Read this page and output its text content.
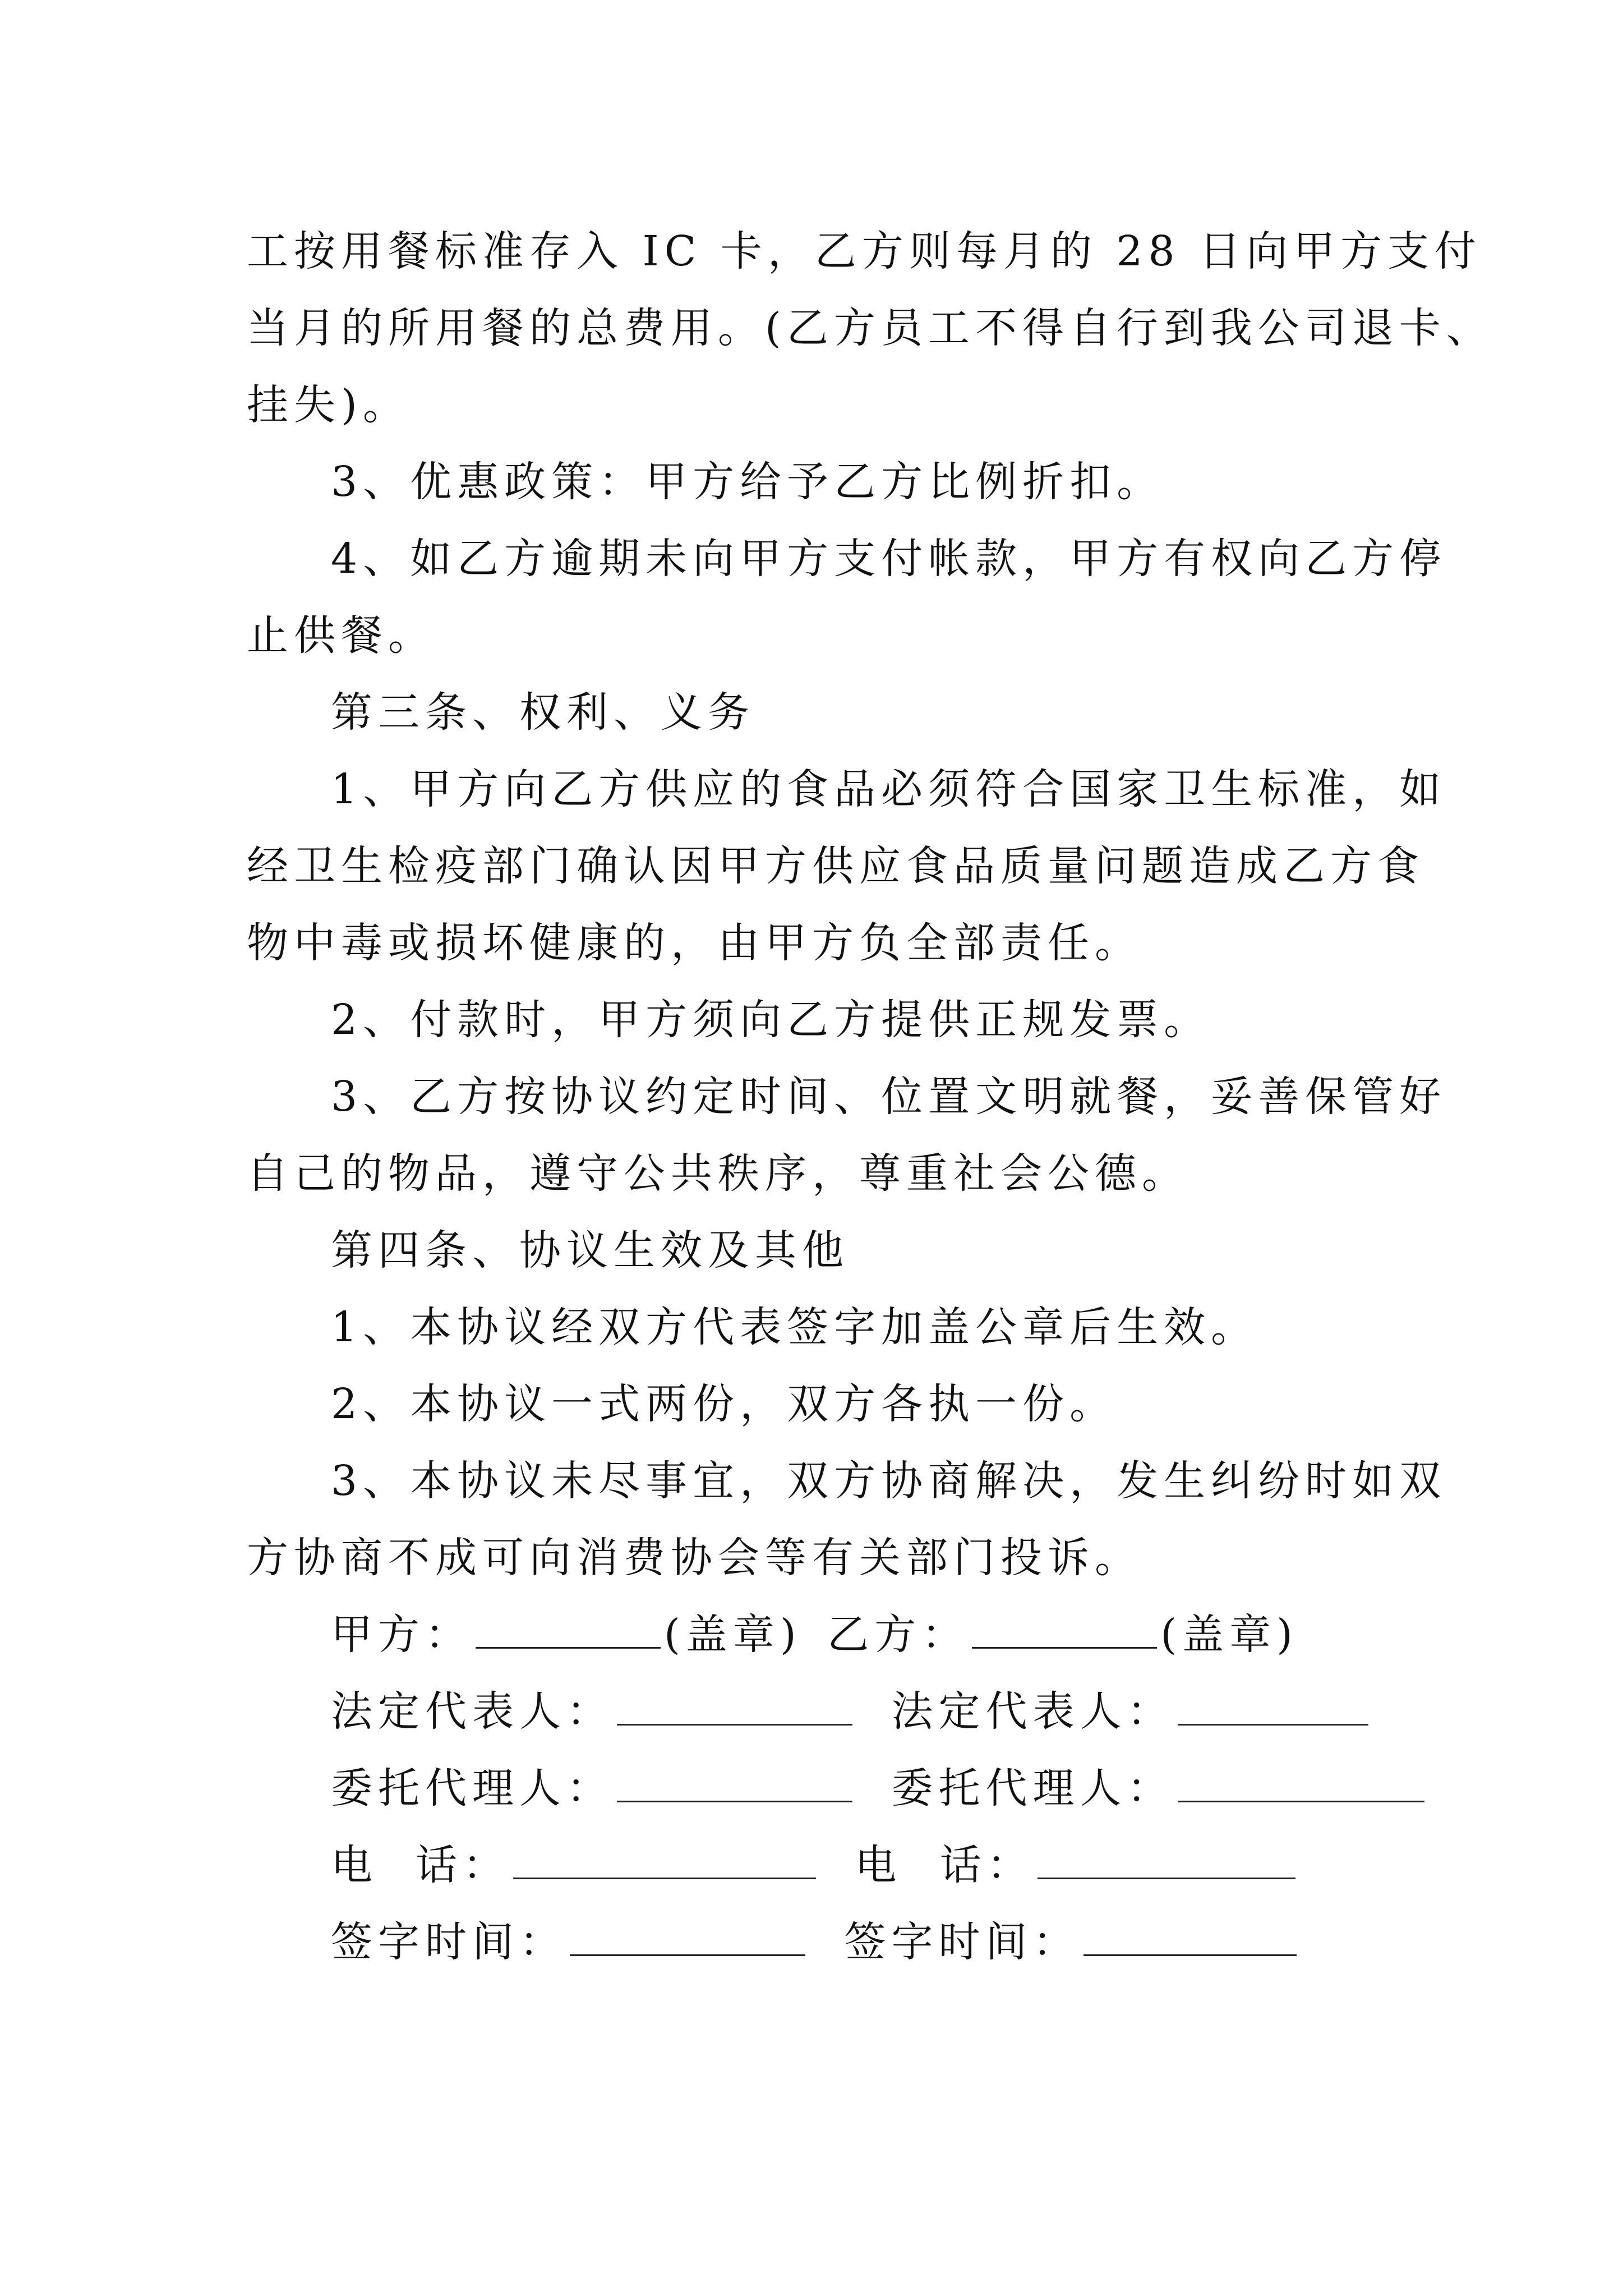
工按用餐标准存入 IC 卡，乙方则每月的 28 日向甲方支付
当月的所用餐的总费用。(乙方员工不得自行到我公司退卡、
挂失)。
3、优惠政策：甲方给予乙方比例折扣。
4、如乙方逾期未向甲方支付帐款，甲方有权向乙方停
止供餐。
第三条、权利、义务
1、甲方向乙方供应的食品必须符合国家卫生标准，如
经卫生检疫部门确认因甲方供应食品质量问题造成乙方食
物中毒或损坏健康的，由甲方负全部责任。
2、付款时，甲方须向乙方提供正规发票。
3、乙方按协议约定时间、位置文明就餐，妥善保管好
自己的物品，遵守公共秩序，尊重社会公德。
第四条、协议生效及其他
1、本协议经双方代表签字加盖公章后生效。
2、本协议一式两份，双方各执一份。
3、本协议未尽事宜，双方协商解决，发生纠纷时如双
方协商不成可向消费协会等有关部门投诉。
甲方：	(盖章) 乙方：	(盖章)
法定代表人：	法定代表人：
委托代理人：	委托代理人：
电  话：	电  话：
签字时间：	签字时间：
